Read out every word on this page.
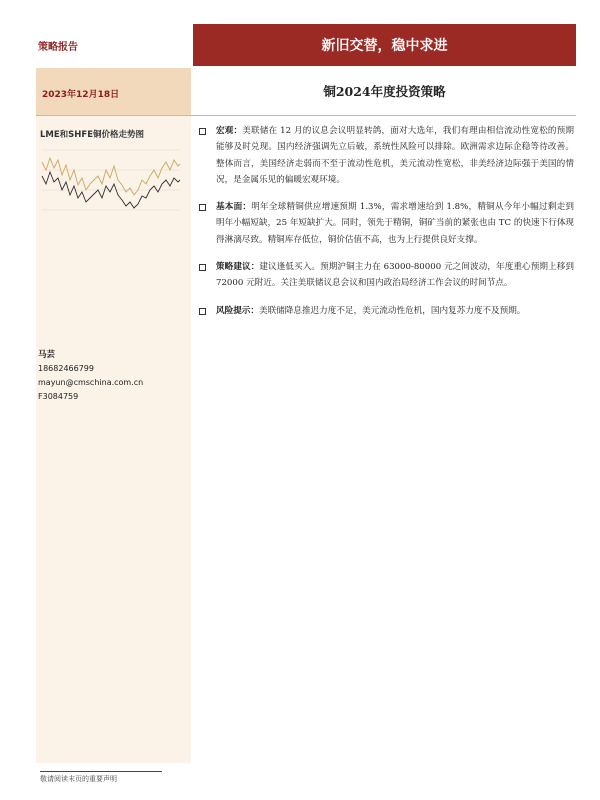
策略报告	新旧交替，稳中求进
2023年12月18日	铜2024年度投资策略
LME和SHFE铜价格走势图
马芸
18682466799
mayun@cmschina.com.cn
F3084759
宏观：美联储在 12 月的议息会议明显转鸽，面对大选年，我们有理由相信流动性宽松的预期能够及时兑现。国内经济强调先立后破，系统性风险可以排除。欧洲需求边际企稳等待改善。整体而言，美国经济走弱而不至于流动性危机，美元流动性宽松，非美经济边际强于美国的情况，是金属乐见的偏暖宏观环境。
基本面：明年全球精铜供应增速预期 1.3%，需求增速给到 1.8%，精铜从今年小幅过剩走到明年小幅短缺，25 年短缺扩大。同时，领先于精铜，铜矿当前的紧张也由 TC 的快速下行体现得淋漓尽致。精铜库存低位，铜价估值不高，也为上行提供良好支撑。
策略建议：建议逢低买入。预期沪铜主力在 63000-80000 元之间波动，年度重心预期上移到 72000 元附近。关注美联储议息会议和国内政治局经济工作会议的时间节点。
风险提示：美联储降息推迟力度不足，美元流动性危机，国内复苏力度不及预期。
敬请阅读末页的重要声明
